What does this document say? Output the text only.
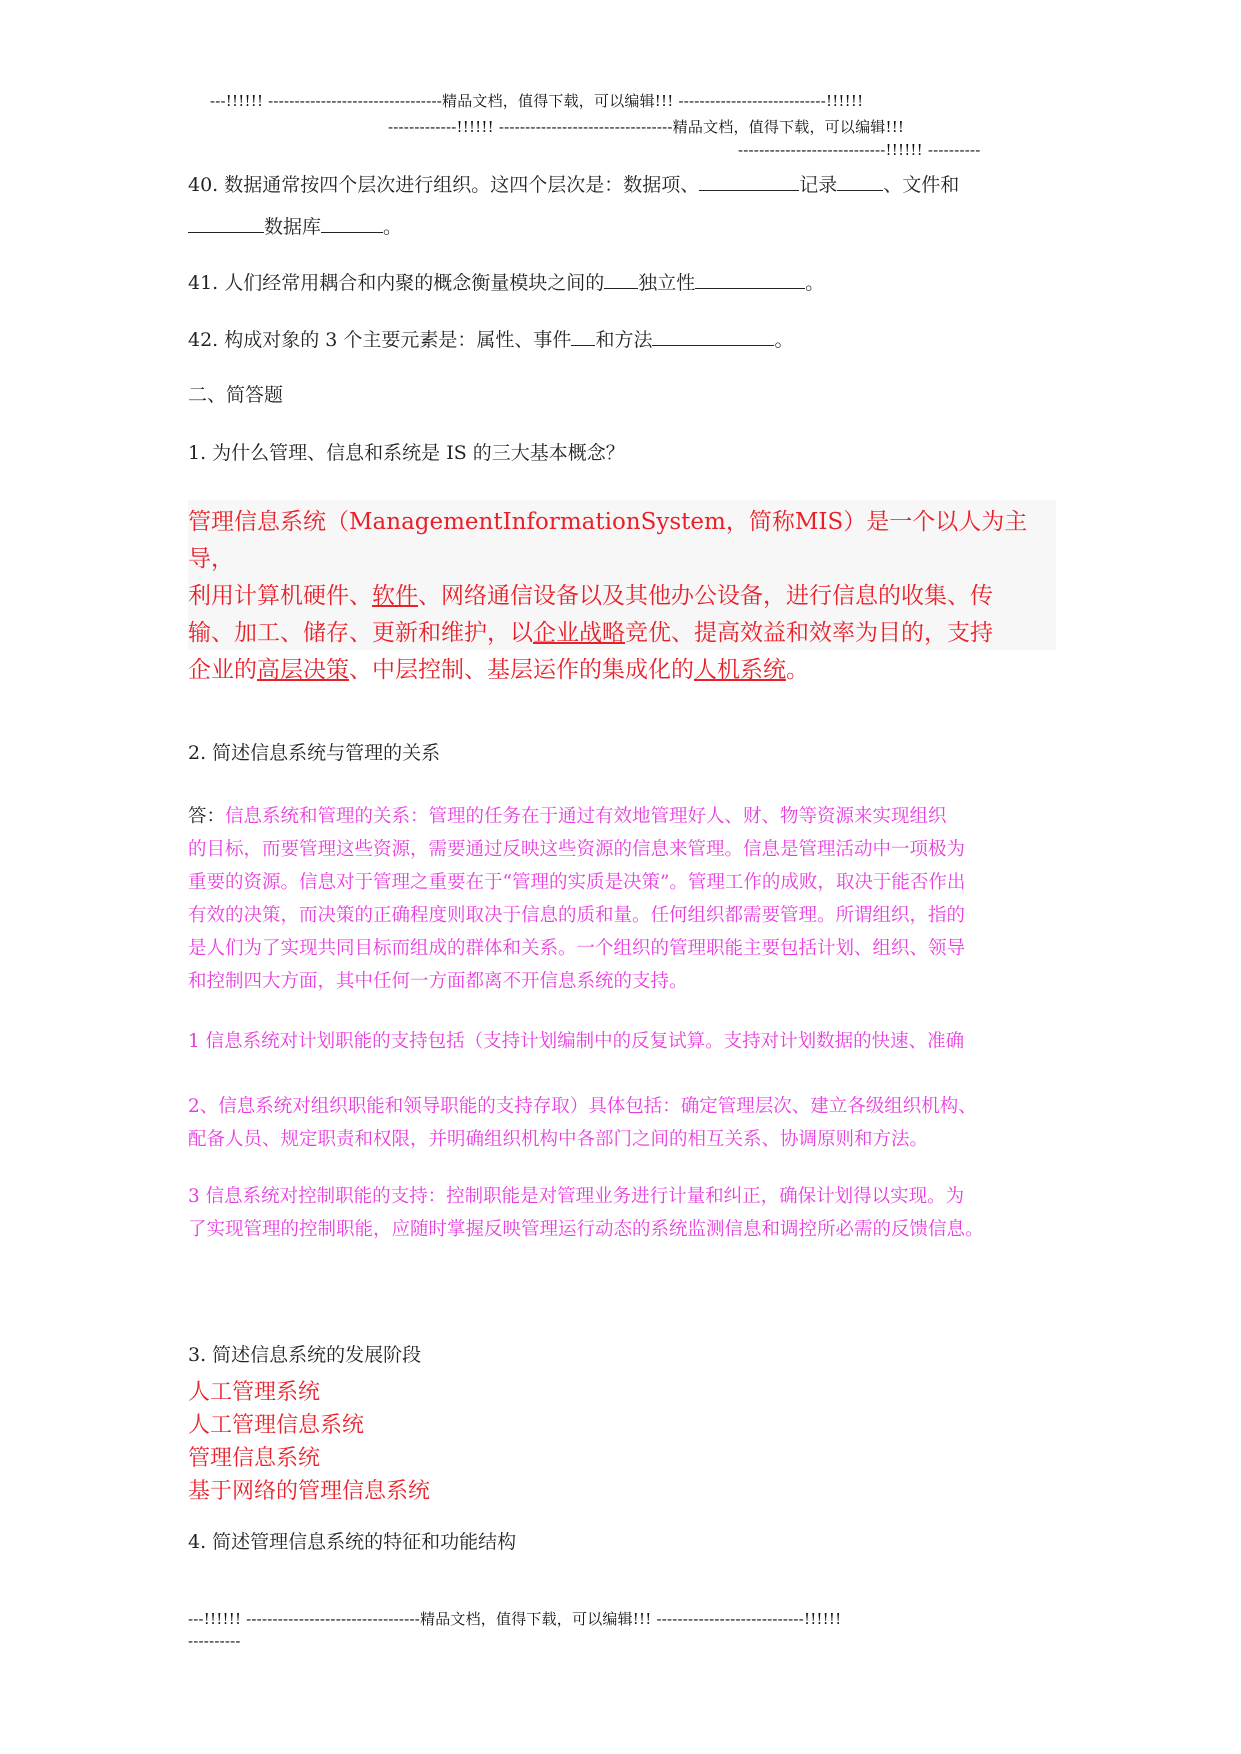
---!!!!!! ---------------------------------精品文档，值得下载，可以编辑!!! ----------------------------!!!!!!
-------------!!!!!! ---------------------------------精品文档，值得下载，可以编辑!!!
----------------------------!!!!!! ----------
40. 数据通常按四个层次进行组织。这四个层次是：数据项、	记录 、文件和
数据库	。
41. 人们经常用耦合和内聚的概念衡量模块之间的 独立性	。
42. 构成对象的 3 个主要元素是：属性、事件 和方法	。
二、简答题
1. 为什么管理、信息和系统是 IS 的三大基本概念？
管理信息系统（ManagementInformationSystem，简称MIS）是一个以人为主导，
利用计算机硬件、软件、网络通信设备以及其他办公设备，进行信息的收集、传
输、加工、储存、更新和维护，以企业战略竞优、提高效益和效率为目的，支持
企业的高层决策、中层控制、基层运作的集成化的人机系统。
2. 简述信息系统与管理的关系
答：信息系统和管理的关系：管理的任务在于通过有效地管理好人、财、物等资源来实现组织
的目标，而要管理这些资源，需要通过反映这些资源的信息来管理。信息是管理活动中一项极为
重要的资源。信息对于管理之重要在于“管理的实质是决策”。管理工作的成败，取决于能否作出
有效的决策，而决策的正确程度则取决于信息的质和量。任何组织都需要管理。所谓组织，指的
是人们为了实现共同目标而组成的群体和关系。一个组织的管理职能主要包括计划、组织、领导
和控制四大方面，其中任何一方面都离不开信息系统的支持。
1 信息系统对计划职能的支持包括（支持计划编制中的反复试算。支持对计划数据的快速、准确
2、信息系统对组织职能和领导职能的支持存取）具体包括：确定管理层次、建立各级组织机构、
配备人员、规定职责和权限，并明确组织机构中各部门之间的相互关系、协调原则和方法。
3 信息系统对控制职能的支持：控制职能是对管理业务进行计量和纠正，确保计划得以实现。为
了实现管理的控制职能，应随时掌握反映管理运行动态的系统监测信息和调控所必需的反馈信息。
3. 简述信息系统的发展阶段
人工管理系统
人工管理信息系统
管理信息系统
基于网络的管理信息系统
4. 简述管理信息系统的特征和功能结构
---!!!!!! ---------------------------------精品文档，值得下载，可以编辑!!! ----------------------------!!!!!!
----------
